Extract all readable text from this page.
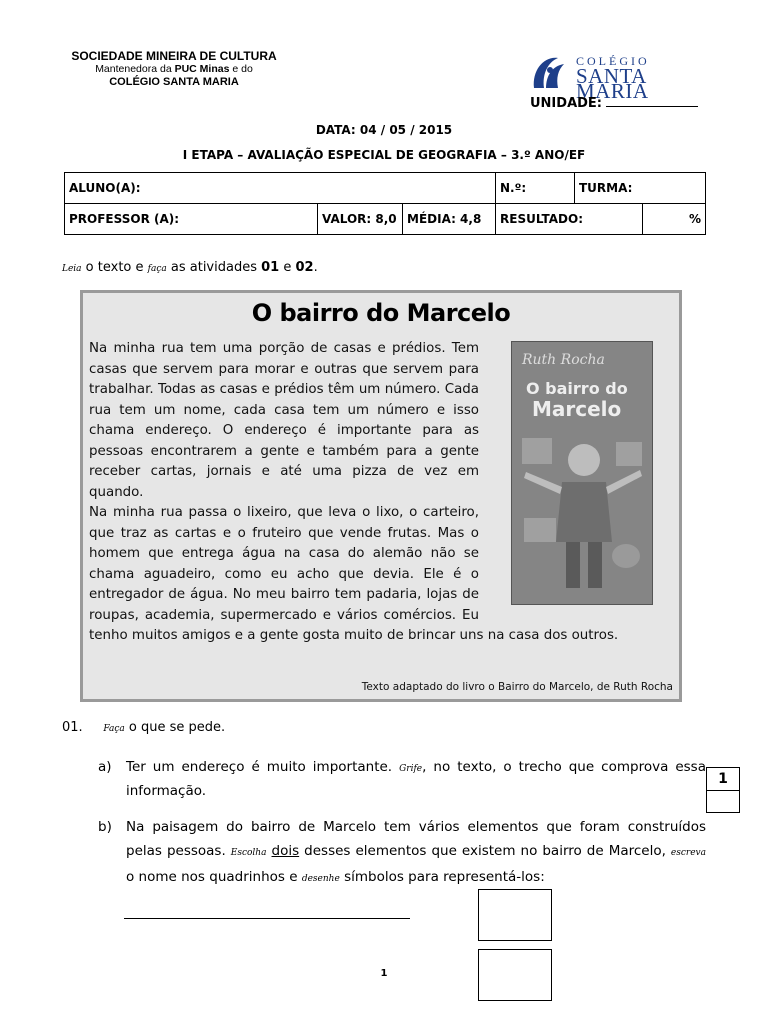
SOCIEDADE MINEIRA DE CULTURA
Mantenedora da PUC Minas e do
COLÉGIO SANTA MARIA
COLÉGIO
SANTA MARIA
UNIDADE:
DATA: 04 / 05 / 2015
I ETAPA – AVALIAÇÃO ESPECIAL DE GEOGRAFIA – 3.º ANO/EF
ALUNO(A):			N.º:	TURMA:	
PROFESSOR (A):	VALOR: 8,0	MÉDIA: 4,8	RESULTADO:		%
Leia o texto e faça as atividades 01 e 02.
O bairro do Marcelo
Ruth Rocha
O bairro do
Marcelo

Na minha rua tem uma porção de casas e prédios. Tem casas que servem para morar e outras que servem para trabalhar. Todas as casas e prédios têm um número. Cada rua tem um nome, cada casa tem um número e isso chama endereço. O endereço é importante para as pessoas encontrarem a gente e também para a gente receber cartas, jornais e até uma pizza de vez em quando.

Na minha rua passa o lixeiro, que leva o lixo, o carteiro, que traz as cartas e o fruteiro que vende frutas. Mas o homem que entrega água na casa do alemão não se chama aguadeiro, como eu acho que devia. Ele é o entregador de água. No meu bairro tem padaria, lojas de roupas, academia, supermercado e vários comércios. Eu tenho muitos amigos e a gente gosta muito de brincar uns na casa dos outros.

Texto adaptado do livro o Bairro do Marcelo, de Ruth Rocha
01. Faça o que se pede.
a) Ter um endereço é muito importante. Grife, no texto, o trecho que comprova essa informação.
1
b) Na paisagem do bairro de Marcelo tem vários elementos que foram construídos pelas pessoas. Escolha dois desses elementos que existem no bairro de Marcelo, escreva o nome nos quadrinhos e desenhe símbolos para representá-los:
1
